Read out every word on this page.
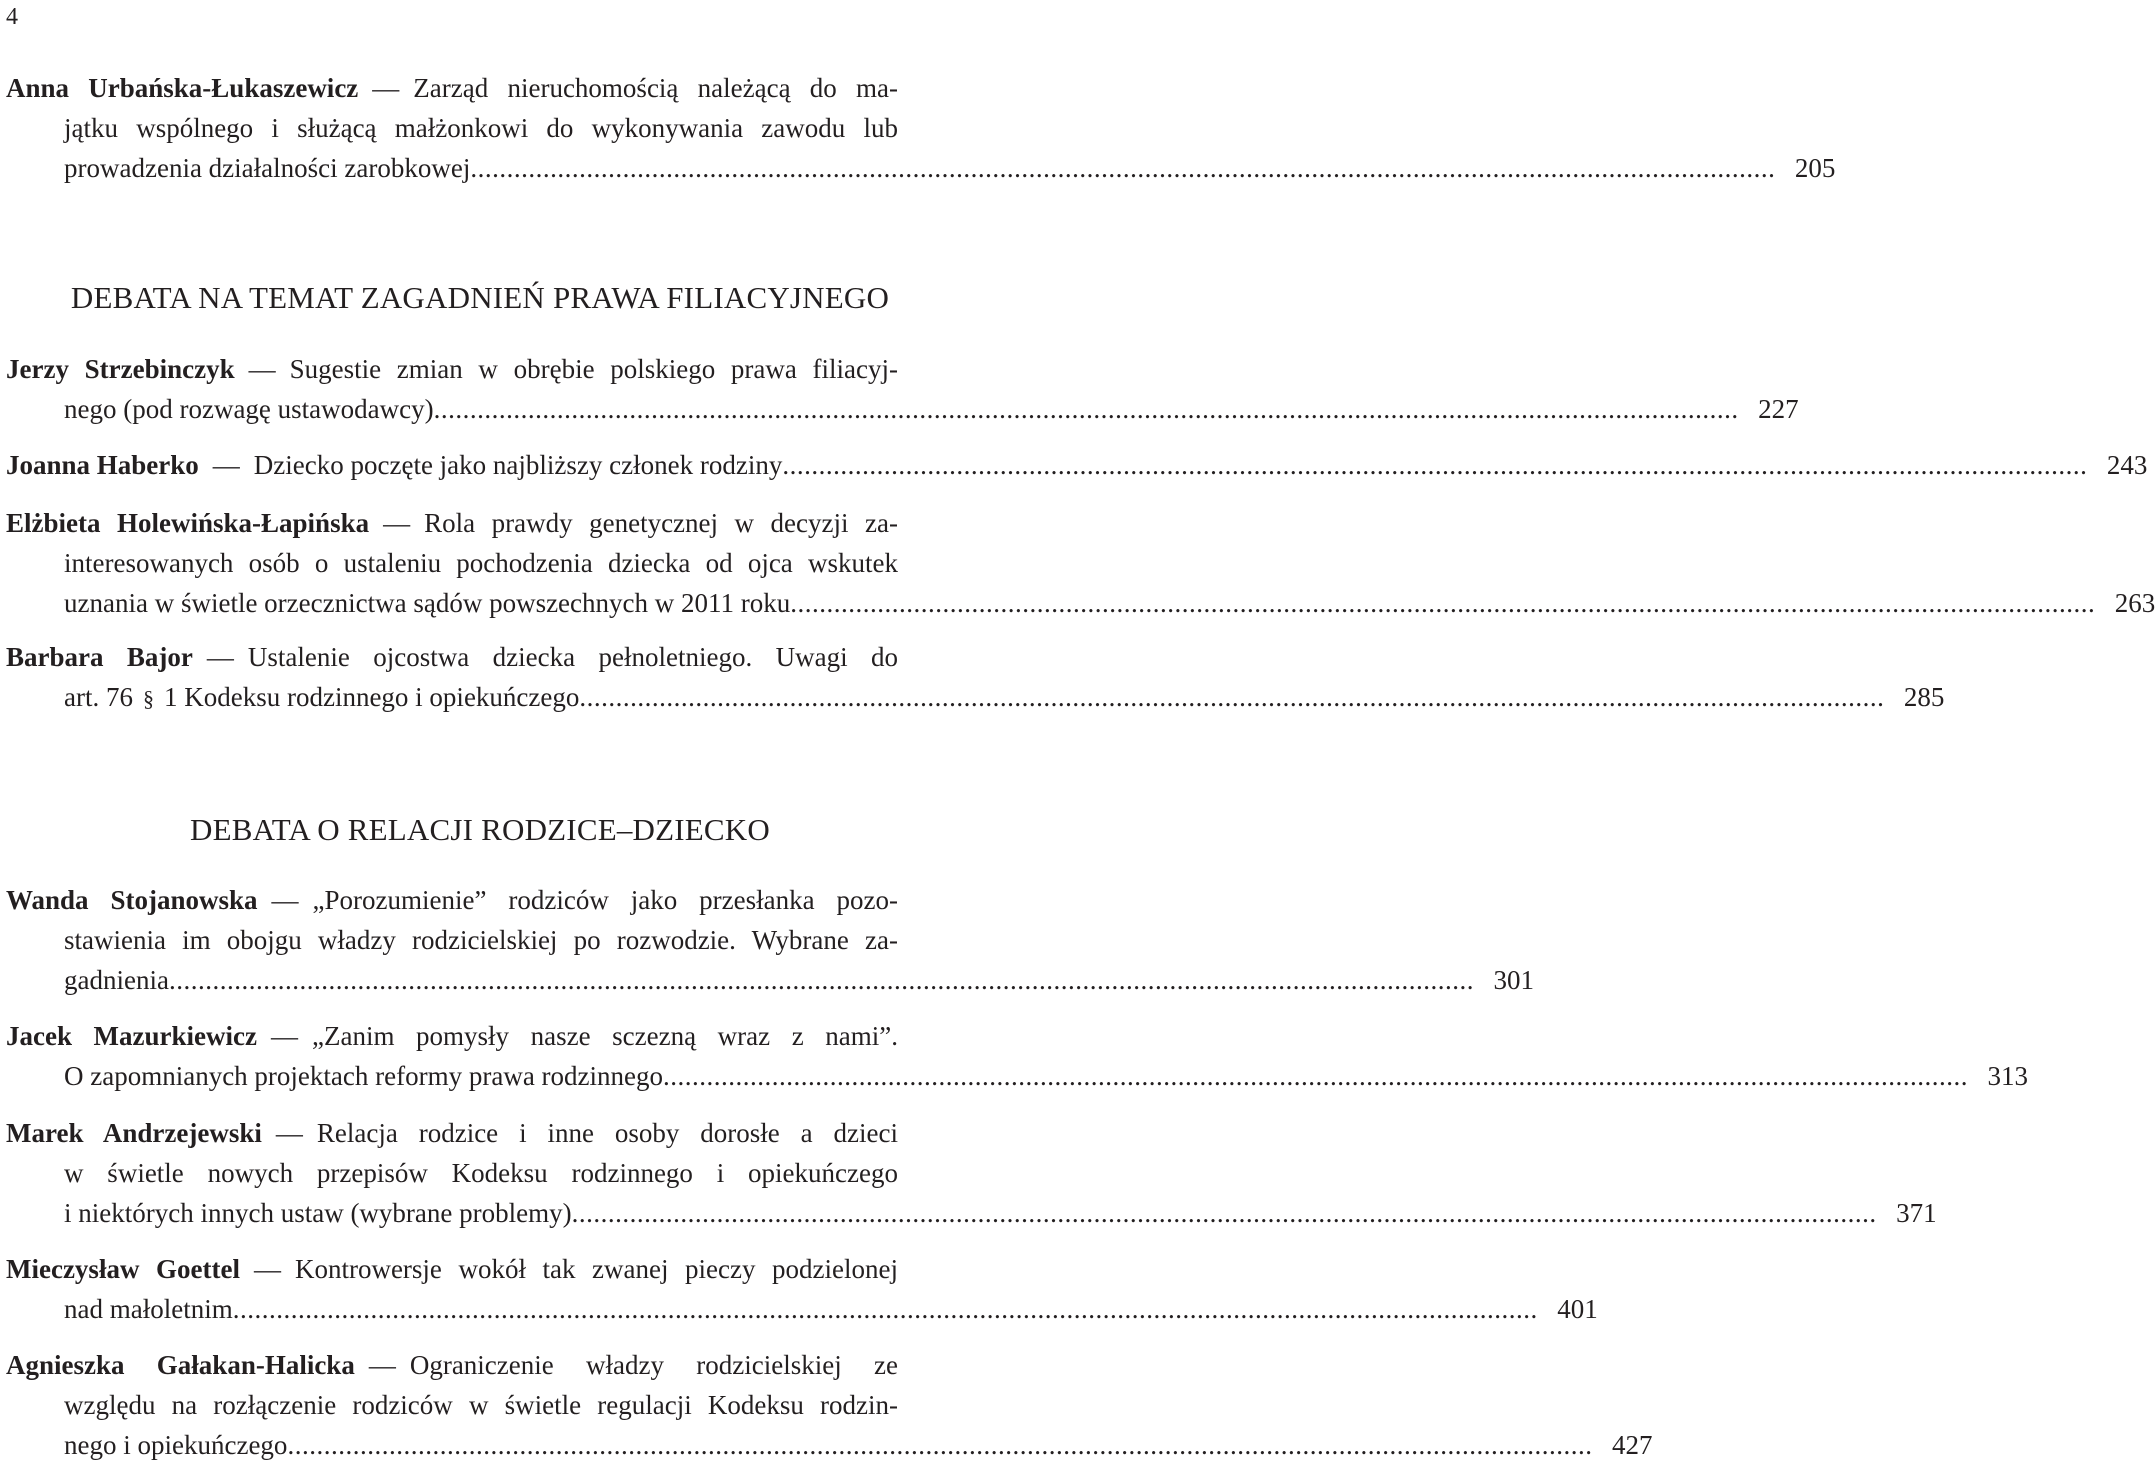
4
Anna Urbańska-Łukaszewicz — Zarząd nieruchomością należącą do ma-
jątku wspólnego i służącą małżonkowi do wykonywania zawodu lub
prowadzenia działalności zarobkowej .....	205
DEBATA NA TEMAT ZAGADNIEŃ PRAWA FILIACYJNEGO
Jerzy Strzebinczyk — Sugestie zmian w obrębie polskiego prawa filiacyj-
nego (pod rozwagę ustawodawcy) .....	227
Joanna Haberko — Dziecko poczęte jako najbliższy członek rodziny .....	243
Elżbieta Holewińska-Łapińska — Rola prawdy genetycznej w decyzji za-
interesowanych osób o ustaleniu pochodzenia dziecka od ojca wskutek
uznania w świetle orzecznictwa sądów powszechnych w 2011 roku .....	263
Barbara Bajor — Ustalenie ojcostwa dziecka pełnoletniego. Uwagi do
art. 76 § 1 Kodeksu rodzinnego i opiekuńczego .....	285
DEBATA O RELACJI RODZICE–DZIECKO
Wanda Stojanowska — „Porozumienie” rodziców jako przesłanka pozo-
stawienia im obojgu władzy rodzicielskiej po rozwodzie. Wybrane za-
gadnienia .....	301
Jacek Mazurkiewicz — „Zanim pomysły nasze sczezną wraz z nami”.
O zapomnianych projektach reformy prawa rodzinnego .....	313
Marek Andrzejewski — Relacja rodzice i inne osoby dorosłe a dzieci
w świetle nowych przepisów Kodeksu rodzinnego i opiekuńczego
i niektórych innych ustaw (wybrane problemy) .....	371
Mieczysław Goettel — Kontrowersje wokół tak zwanej pieczy podzielonej
nad małoletnim .....	401
Agnieszka Gałakan-Halicka — Ograniczenie władzy rodzicielskiej ze
względu na rozłączenie rodziców w świetle regulacji Kodeksu rodzin-
nego i opiekuńczego .....	427
